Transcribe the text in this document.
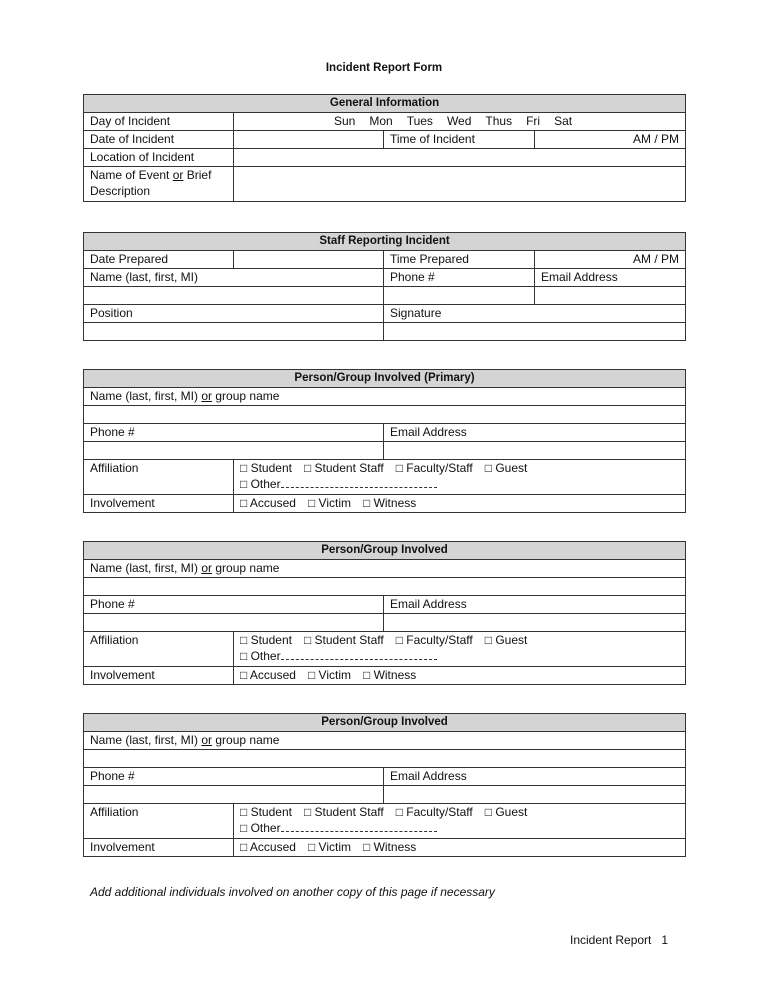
Incident Report Form
General Information			
Day of Incident	Sun Mon Tues Wed Thus Fri Sat		
Date of Incident		Time of Incident	AM / PM
Location of Incident			
Name of Event or Brief
Description			
Staff Reporting Incident			
Date Prepared		Time Prepared	AM / PM
Name (last, first, MI)		Phone #	Email Address

Position		Signature	

Person/Group Involved (Primary)		
Name (last, first, MI) or group name		

Phone #		Email Address

Affiliation	□ Student □ Student Staff □ Faculty/Staff □ Guest
□ Other	
Involvement	□ Accused □ Victim □ Witness	
Person/Group Involved		
Name (last, first, MI) or group name		

Phone #		Email Address

Affiliation	□ Student □ Student Staff □ Faculty/Staff □ Guest
□ Other	
Involvement	□ Accused □ Victim □ Witness	
Person/Group Involved		
Name (last, first, MI) or group name		

Phone #		Email Address

Affiliation	□ Student □ Student Staff □ Faculty/Staff □ Guest
□ Other	
Involvement	□ Accused □ Victim □ Witness	
Add additional individuals involved on another copy of this page if necessary
Incident Report 1
